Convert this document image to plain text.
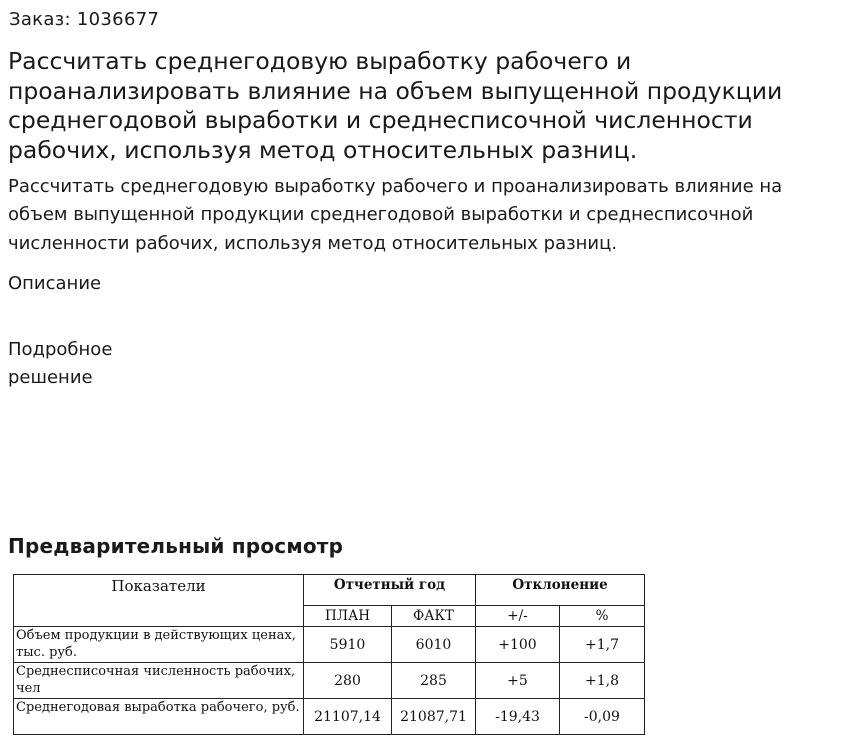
Заказ: 1036677
Рассчитать среднегодовую выработку рабочего и проанализировать влияние на объем выпущенной продукции среднегодовой выработки и среднесписочной численности рабочих, используя метод относительных разниц.
Рассчитать среднегодовую выработку рабочего и проанализировать влияние на объем выпущенной продукции среднегодовой выработки и среднесписочной численности рабочих, используя метод относительных разниц.
Описание
Подробное решение
Предварительный просмотр
Показатели	Отчетный год		Отклонение	
	ПЛАН	ФАКТ	+/-	%
Объем продукции в действующих ценах, тыс. руб.	5910	6010	+100	+1,7
Среднесписочная численность рабочих, чел	280	285	+5	+1,8
Среднегодовая выработка рабочего, руб.	21107,14	21087,71	-19,43	-0,09
